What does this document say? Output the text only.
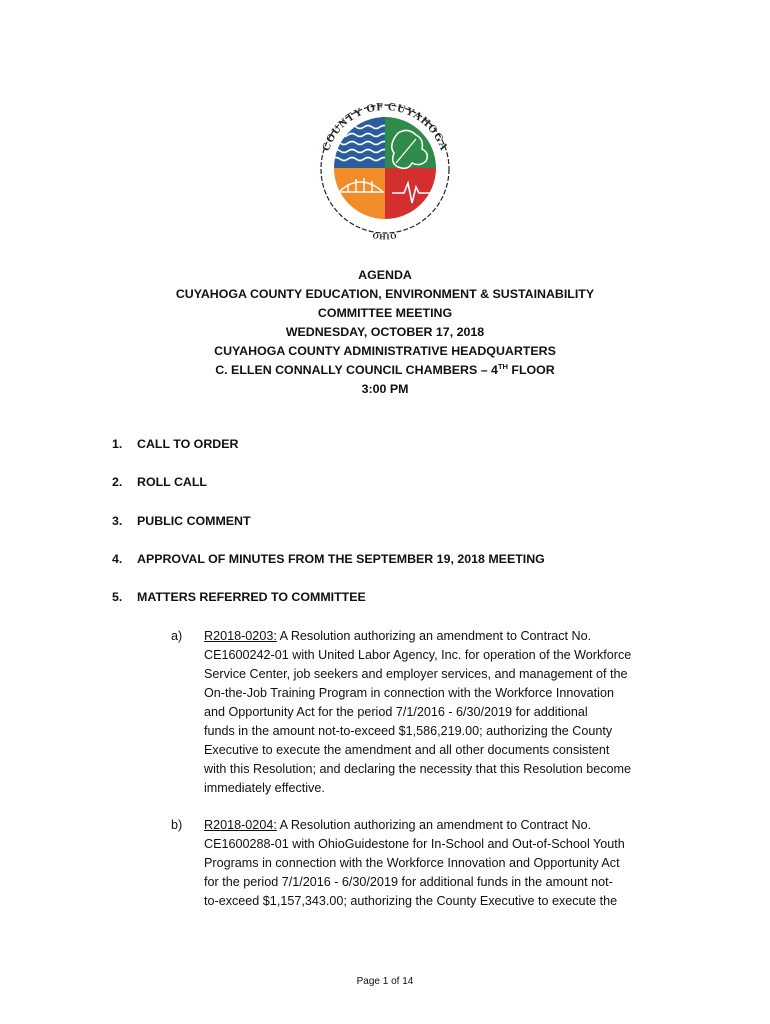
COUNTY OF CUYAHOGA
OHIO
AGENDA
CUYAHOGA COUNTY EDUCATION, ENVIRONMENT & SUSTAINABILITY
COMMITTEE MEETING
WEDNESDAY, OCTOBER 17, 2018
CUYAHOGA COUNTY ADMINISTRATIVE HEADQUARTERS
C. ELLEN CONNALLY COUNCIL CHAMBERS – 4TH FLOOR
3:00 PM
1. CALL TO ORDER
2. ROLL CALL
3. PUBLIC COMMENT
4. APPROVAL OF MINUTES FROM THE SEPTEMBER 19, 2018 MEETING
5. MATTERS REFERRED TO COMMITTEE
a) R2018-0203: A Resolution authorizing an amendment to Contract No.
CE1600242-01 with United Labor Agency, Inc. for operation of the Workforce
Service Center, job seekers and employer services, and management of the
On-the-Job Training Program in connection with the Workforce Innovation
and Opportunity Act for the period 7/1/2016 - 6/30/2019 for additional
funds in the amount not-to-exceed $1,586,219.00; authorizing the County
Executive to execute the amendment and all other documents consistent
with this Resolution; and declaring the necessity that this Resolution become
immediately effective.
b) R2018-0204: A Resolution authorizing an amendment to Contract No.
CE1600288-01 with OhioGuidestone for In-School and Out-of-School Youth
Programs in connection with the Workforce Innovation and Opportunity Act
for the period 7/1/2016 - 6/30/2019 for additional funds in the amount not-
to-exceed $1,157,343.00; authorizing the County Executive to execute the
Page 1 of 14
